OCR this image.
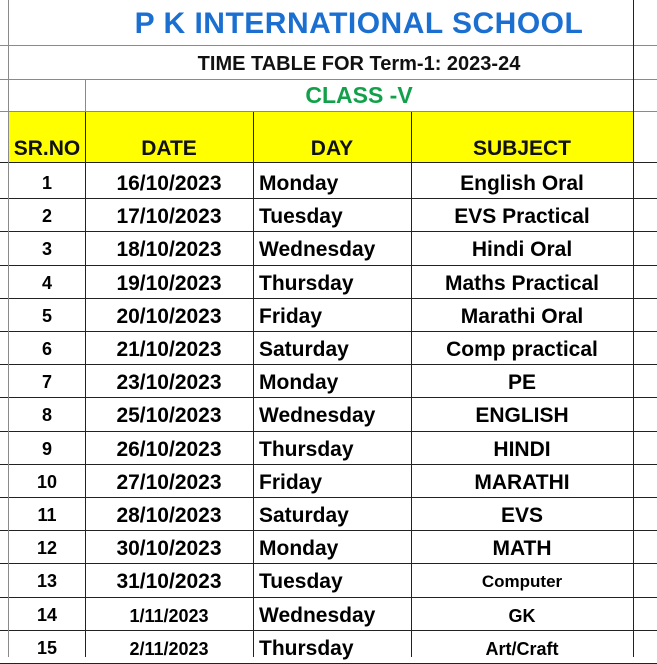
P K INTERNATIONAL SCHOOL
TIME TABLE FOR Term-1: 2023-24
CLASS -V
SR.NO	DATE	DAY	SUBJECT
1	16/10/2023	Monday	English Oral
2	17/10/2023	Tuesday	EVS Practical
3	18/10/2023	Wednesday	Hindi Oral
4	19/10/2023	Thursday	Maths Practical
5	20/10/2023	Friday	Marathi Oral
6	21/10/2023	Saturday	Comp practical
7	23/10/2023	Monday	PE
8	25/10/2023	Wednesday	ENGLISH
9	26/10/2023	Thursday	HINDI
10	27/10/2023	Friday	MARATHI
11	28/10/2023	Saturday	EVS
12	30/10/2023	Monday	MATH
13	31/10/2023	Tuesday	Computer
14	1/11/2023	Wednesday	GK
15	2/11/2023	Thursday	Art/Craft
